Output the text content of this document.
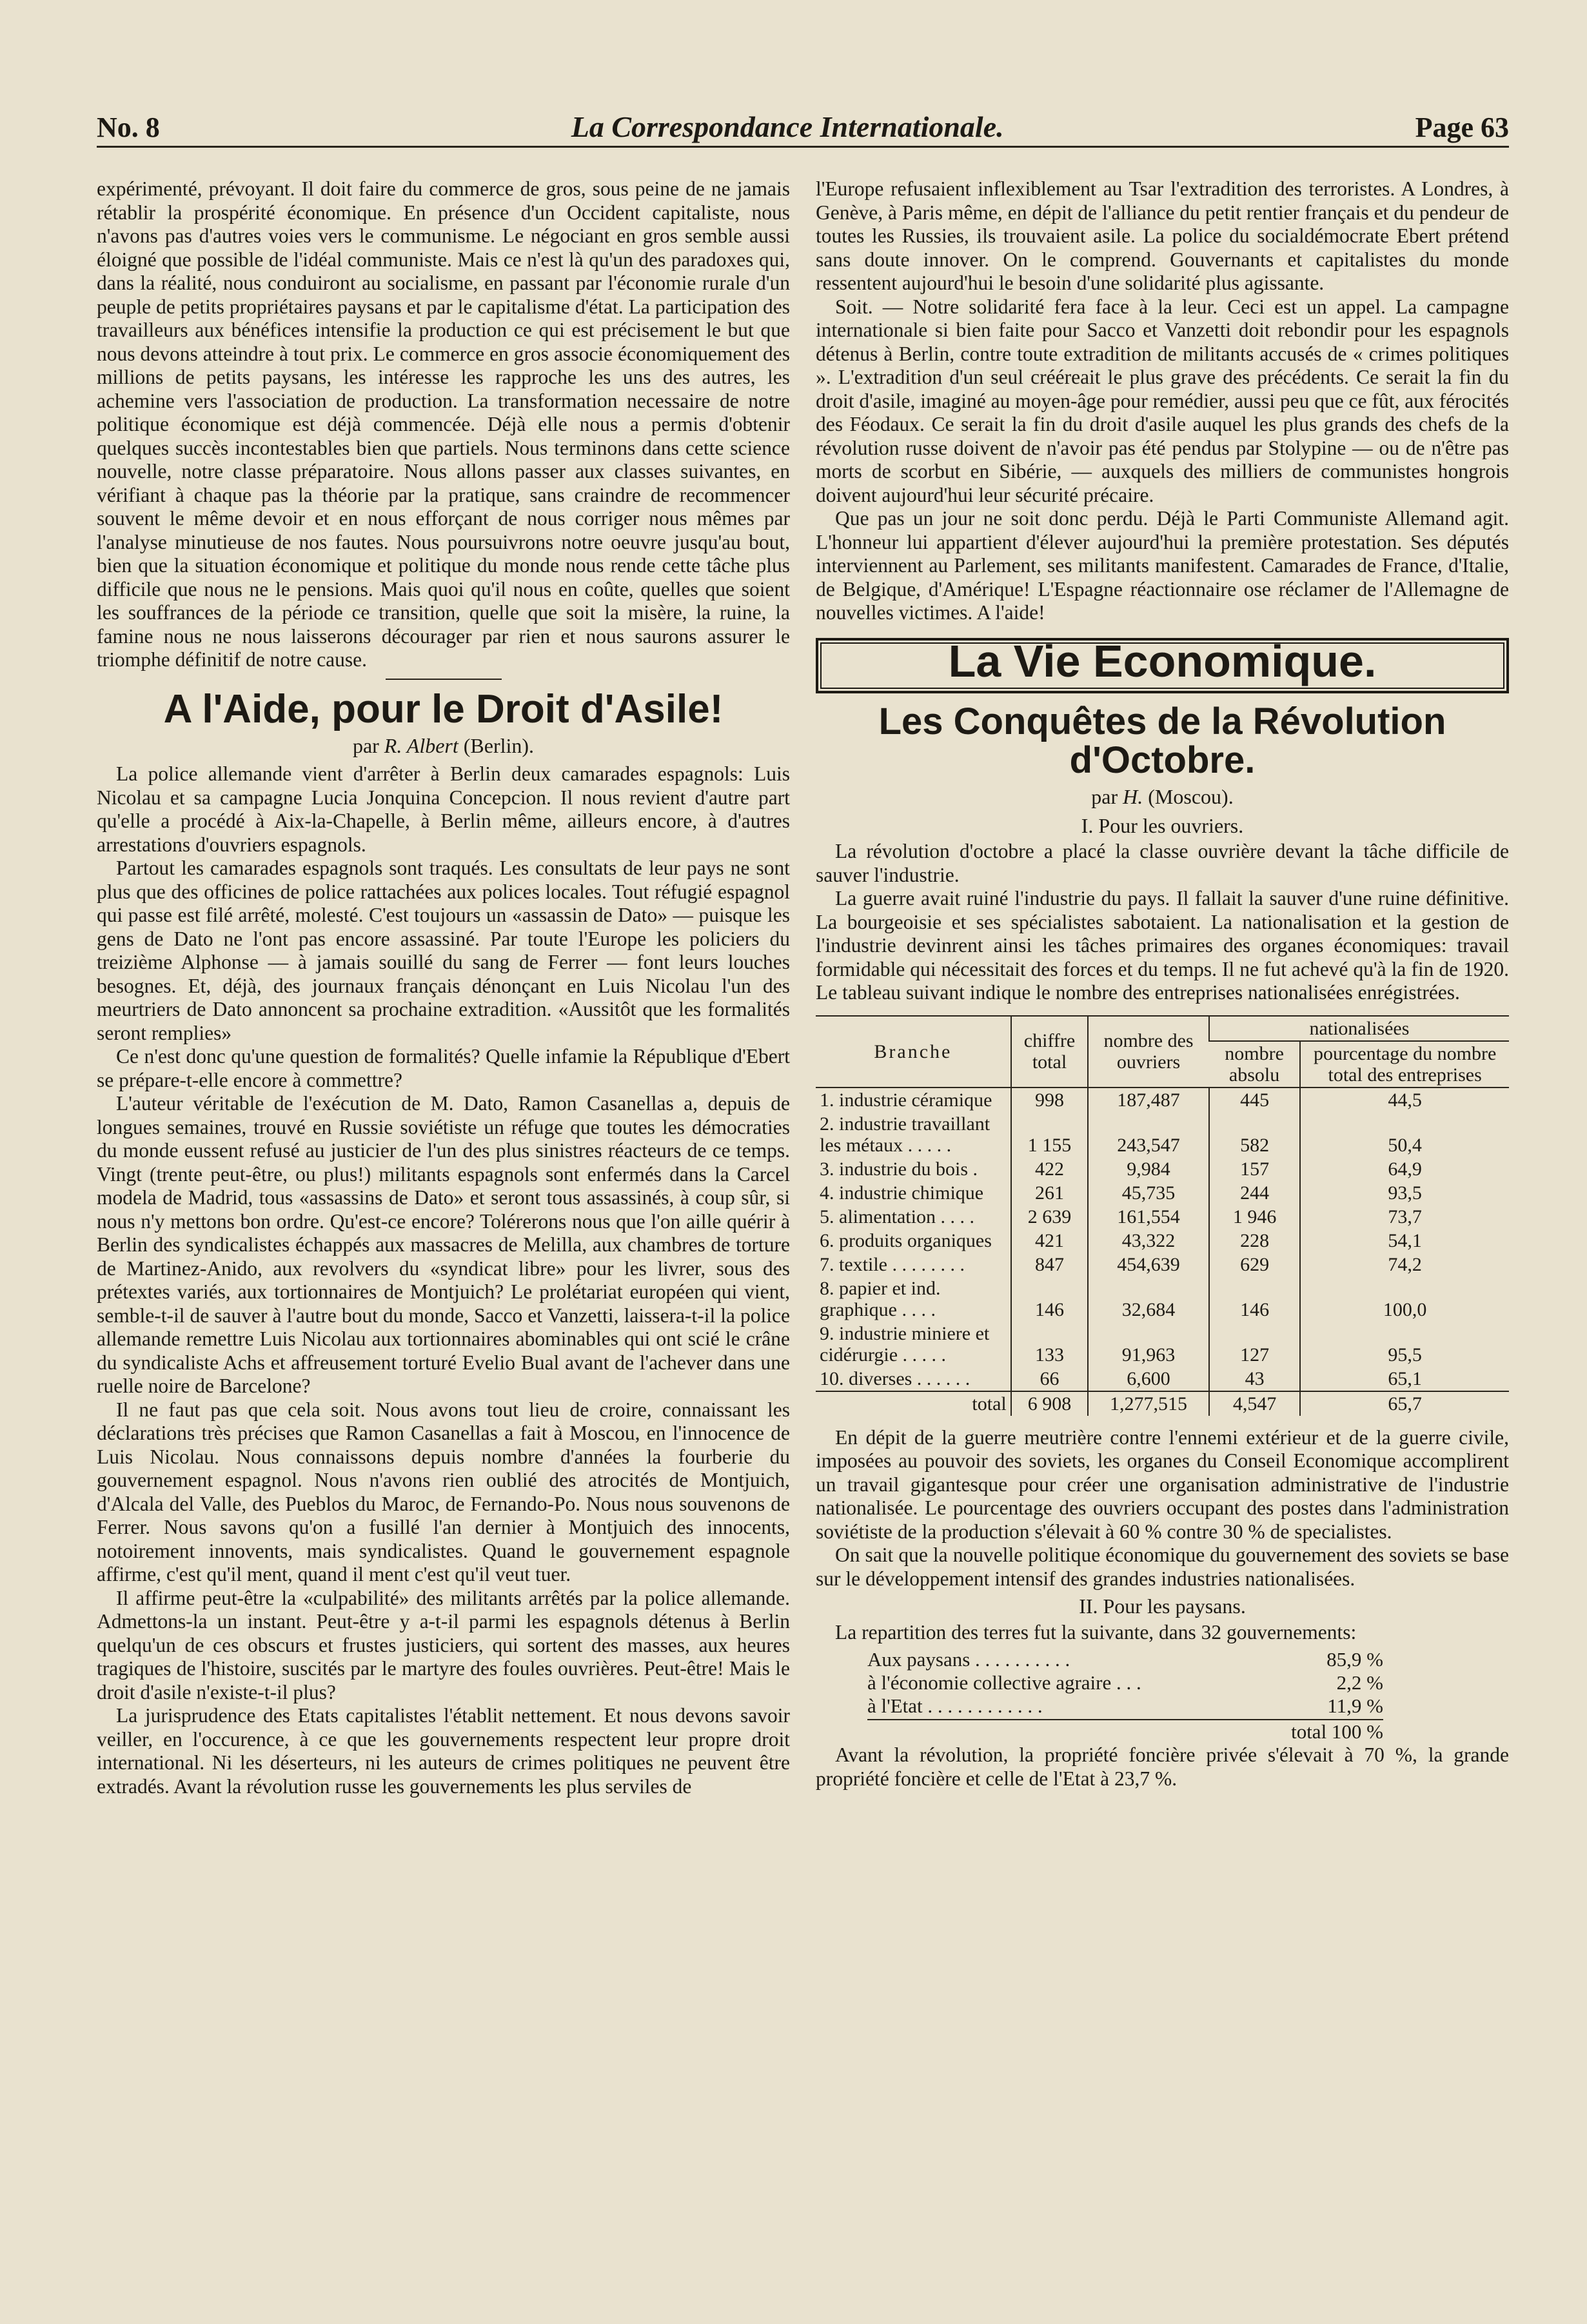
No. 8	La Correspondance Internationale.	Page 63

expérimenté, prévoyant. Il doit faire du commerce de gros, sous peine de ne jamais rétablir la prospérité économique. En présence d'un Occident capitaliste, nous n'avons pas d'autres voies vers le communisme. Le négociant en gros semble aussi éloigné que possible de l'idéal communiste. Mais ce n'est là qu'un des paradoxes qui, dans la réalité, nous conduiront au socialisme, en passant par l'économie rurale d'un peuple de petits propriétaires paysans et par le capitalisme d'état. La participation des travailleurs aux bénéfices intensifie la production ce qui est précisement le but que nous devons atteindre à tout prix. Le commerce en gros associe économiquement des millions de petits paysans, les intéresse les rapproche les uns des autres, les achemine vers l'association de production. La transformation necessaire de notre politique économique est déjà commencée. Déjà elle nous a permis d'obtenir quelques succès incontestables bien que partiels. Nous terminons dans cette science nouvelle, notre classe préparatoire. Nous allons passer aux classes suivantes, en vérifiant à chaque pas la théorie par la pratique, sans craindre de recommencer souvent le même devoir et en nous efforçant de nous corriger nous mêmes par l'analyse minutieuse de nos fautes. Nous poursuivrons notre oeuvre jusqu'au bout, bien que la situation économique et politique du monde nous rende cette tâche plus difficile que nous ne le pensions. Mais quoi qu'il nous en coûte, quelles que soient les souffrances de la période ce transition, quelle que soit la misère, la ruine, la famine nous ne nous laisserons décourager par rien et nous saurons assurer le triomphe définitif de notre cause.

A l'Aide, pour le Droit d'Asile!
par R. Albert (Berlin).

La police allemande vient d'arrêter à Berlin deux camarades espagnols: Luis Nicolau et sa campagne Lucia Jonquina Concepcion. Il nous revient d'autre part qu'elle a procédé à Aix-la-Chapelle, à Berlin même, ailleurs encore, à d'autres arrestations d'ouvriers espagnols.

Partout les camarades espagnols sont traqués. Les consultats de leur pays ne sont plus que des officines de police rattachées aux polices locales. Tout réfugié espagnol qui passe est filé arrêté, molesté. C'est toujours un «assassin de Dato» — puisque les gens de Dato ne l'ont pas encore assassiné. Par toute l'Europe les policiers du treizième Alphonse — à jamais souillé du sang de Ferrer — font leurs louches besognes. Et, déjà, des journaux français dénonçant en Luis Nicolau l'un des meurtriers de Dato annoncent sa prochaine extradition. «Aussitôt que les formalités seront remplies»

Ce n'est donc qu'une question de formalités? Quelle infamie la République d'Ebert se prépare-t-elle encore à commettre?

L'auteur véritable de l'exécution de M. Dato, Ramon Casanellas a, depuis de longues semaines, trouvé en Russie soviétiste un réfuge que toutes les démocraties du monde eussent refusé au justicier de l'un des plus sinistres réacteurs de ce temps. Vingt (trente peut-être, ou plus!) militants espagnols sont enfermés dans la Carcel modela de Madrid, tous «assassins de Dato» et seront tous assassinés, à coup sûr, si nous n'y mettons bon ordre. Qu'est-ce encore? Tolérerons nous que l'on aille quérir à Berlin des syndicalistes échappés aux massacres de Melilla, aux chambres de torture de Martinez-Anido, aux revolvers du «syndicat libre» pour les livrer, sous des prétextes variés, aux tortionnaires de Montjuich? Le prolétariat européen qui vient, semble-t-il de sauver à l'autre bout du monde, Sacco et Vanzetti, laissera-t-il la police allemande remettre Luis Nicolau aux tortionnaires abominables qui ont scié le crâne du syndicaliste Achs et affreusement torturé Evelio Bual avant de l'achever dans une ruelle noire de Barcelone?

Il ne faut pas que cela soit. Nous avons tout lieu de croire, connaissant les déclarations très précises que Ramon Casanellas a fait à Moscou, en l'innocence de Luis Nicolau. Nous connaissons depuis nombre d'années la fourberie du gouvernement espagnol. Nous n'avons rien oublié des atrocités de Montjuich, d'Alcala del Valle, des Pueblos du Maroc, de Fernando-Po. Nous nous souvenons de Ferrer. Nous savons qu'on a fusillé l'an dernier à Montjuich des innocents, notoirement innovents, mais syndicalistes. Quand le gouvernement espagnole affirme, c'est qu'il ment, quand il ment c'est qu'il veut tuer.

Il affirme peut-être la «culpabilité» des militants arrêtés par la police allemande. Admettons-la un instant. Peut-être y a-t-il parmi les espagnols détenus à Berlin quelqu'un de ces obscurs et frustes justiciers, qui sortent des masses, aux heures tragiques de l'histoire, suscités par le martyre des foules ouvrières. Peut-être! Mais le droit d'asile n'existe-t-il plus?

La jurisprudence des Etats capitalistes l'établit nettement. Et nous devons savoir veiller, en l'occurence, à ce que les gouvernements respectent leur propre droit international. Ni les déserteurs, ni les auteurs de crimes politiques ne peuvent être extradés. Avant la révolution russe les gouvernements les plus serviles de

l'Europe refusaient inflexiblement au Tsar l'extradition des terroristes. A Londres, à Genève, à Paris même, en dépit de l'alliance du petit rentier français et du pendeur de toutes les Russies, ils trouvaient asile. La police du socialdémocrate Ebert prétend sans doute innover. On le comprend. Gouvernants et capitalistes du monde ressentent aujourd'hui le besoin d'une solidarité plus agissante.

Soit. — Notre solidarité fera face à la leur. Ceci est un appel. La campagne internationale si bien faite pour Sacco et Vanzetti doit rebondir pour les espagnols détenus à Berlin, contre toute extradition de militants accusés de « crimes politiques ». L'extradition d'un seul crééreait le plus grave des précédents. Ce serait la fin du droit d'asile, imaginé au moyen-âge pour remédier, aussi peu que ce fût, aux férocités des Féodaux. Ce serait la fin du droit d'asile auquel les plus grands des chefs de la révolution russe doivent de n'avoir pas été pendus par Stolypine — ou de n'être pas morts de scorbut en Sibérie, — auxquels des milliers de communistes hongrois doivent aujourd'hui leur sécurité précaire.

Que pas un jour ne soit donc perdu. Déjà le Parti Communiste Allemand agit. L'honneur lui appartient d'élever aujourd'hui la première protestation. Ses députés interviennent au Parlement, ses militants manifestent. Camarades de France, d'Italie, de Belgique, d'Amérique! L'Espagne réactionnaire ose réclamer de l'Allemagne de nouvelles victimes. A l'aide!

La Vie Economique.
Les Conquêtes de la Révolution d'Octobre.
par H. (Moscou).
I. Pour les ouvriers.

La révolution d'octobre a placé la classe ouvrière devant la tâche difficile de sauver l'industrie.

La guerre avait ruiné l'industrie du pays. Il fallait la sauver d'une ruine définitive. La bourgeoisie et ses spécialistes sabotaient. La nationalisation et la gestion de l'industrie devinrent ainsi les tâches primaires des organes économiques: travail formidable qui nécessitait des forces et du temps. Il ne fut achevé qu'à la fin de 1920. Le tableau suivant indique le nombre des entreprises nationalisées enrégistrées.

Branche	chiffre total	nombre des ouvriers	nationalisées	
			nombre absolu	pourcentage du nombre total des entreprises
1. industrie céramique	998	187,487	445	44,5
2. industrie travaillant les métaux . . . . .	1 155	243,547	582	50,4
3. industrie du bois .	422	9,984	157	64,9
4. industrie chimique	261	45,735	244	93,5
5. alimentation . . . .	2 639	161,554	1 946	73,7
6. produits organiques	421	43,322	228	54,1
7. textile . . . . . . . .	847	454,639	629	74,2
8. papier et ind. graphique . . . .	146	32,684	146	100,0
9. industrie miniere et cidérurgie . . . . .	133	91,963	127	95,5
10. diverses . . . . . .	66	6,600	43	65,1
total	6 908	1,277,515	4,547	65,7

En dépit de la guerre meutrière contre l'ennemi extérieur et de la guerre civile, imposées au pouvoir des soviets, les organes du Conseil Economique accomplirent un travail gigantesque pour créer une organisation administrative de l'industrie nationalisée. Le pourcentage des ouvriers occupant des postes dans l'administration soviétiste de la production s'élevait à 60 % contre 30 % de specialistes.

On sait que la nouvelle politique économique du gouvernement des soviets se base sur le développement intensif des grandes industries nationalisées.

II. Pour les paysans.

La repartition des terres fut la suivante, dans 32 gouvernements:

Aux paysans . . . . . . . . . .	85,9 %
à l'économie collective agraire . . .	2,2 %
à l'Etat . . . . . . . . . . . .	11,9 %
total 100 %

Avant la révolution, la propriété foncière privée s'élevait à 70 %, la grande propriété foncière et celle de l'Etat à 23,7 %.
